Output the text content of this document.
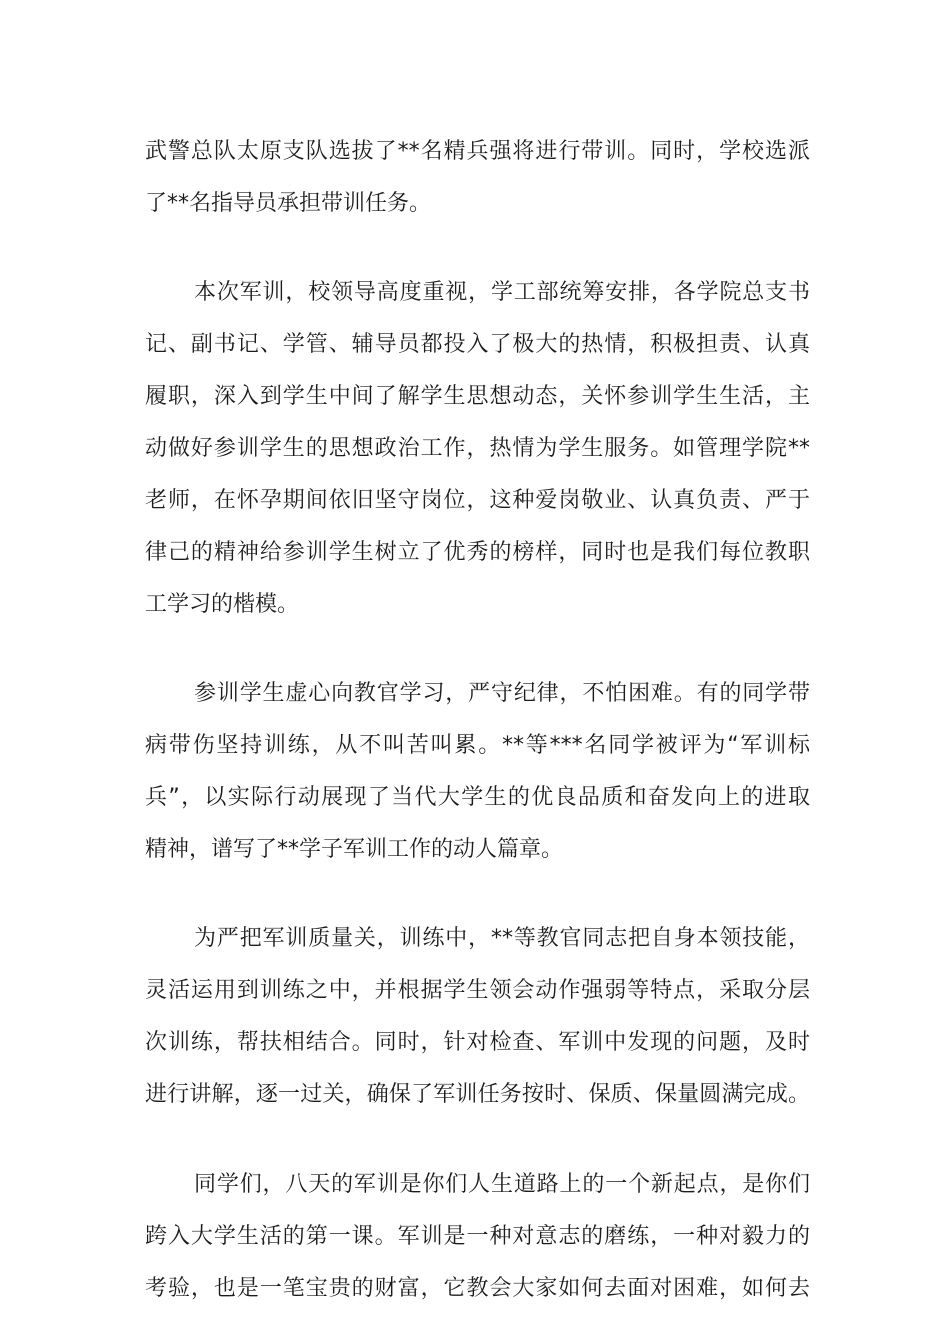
武警总队太原支队选拔了**名精兵强将进行带训。同时，学校选派
了**名指导员承担带训任务。
本次军训，校领导高度重视，学工部统筹安排，各学院总支书
记、副书记、学管、辅导员都投入了极大的热情，积极担责、认真
履职，深入到学生中间了解学生思想动态，关怀参训学生生活，主
动做好参训学生的思想政治工作，热情为学生服务。如管理学院**
老师，在怀孕期间依旧坚守岗位，这种爱岗敬业、认真负责、严于
律己的精神给参训学生树立了优秀的榜样，同时也是我们每位教职
工学习的楷模。
参训学生虚心向教官学习，严守纪律，不怕困难。有的同学带
病带伤坚持训练，从不叫苦叫累。**等***名同学被评为“军训标
兵”，以实际行动展现了当代大学生的优良品质和奋发向上的进取
精神，谱写了**学子军训工作的动人篇章。
为严把军训质量关，训练中，**等教官同志把自身本领技能，
灵活运用到训练之中，并根据学生领会动作强弱等特点，采取分层
次训练，帮扶相结合。同时，针对检查、军训中发现的问题，及时
进行讲解，逐一过关，确保了军训任务按时、保质、保量圆满完成。
同学们，八天的军训是你们人生道路上的一个新起点，是你们
跨入大学生活的第一课。军训是一种对意志的磨练，一种对毅力的
考验，也是一笔宝贵的财富，它教会大家如何去面对困难，如何去
